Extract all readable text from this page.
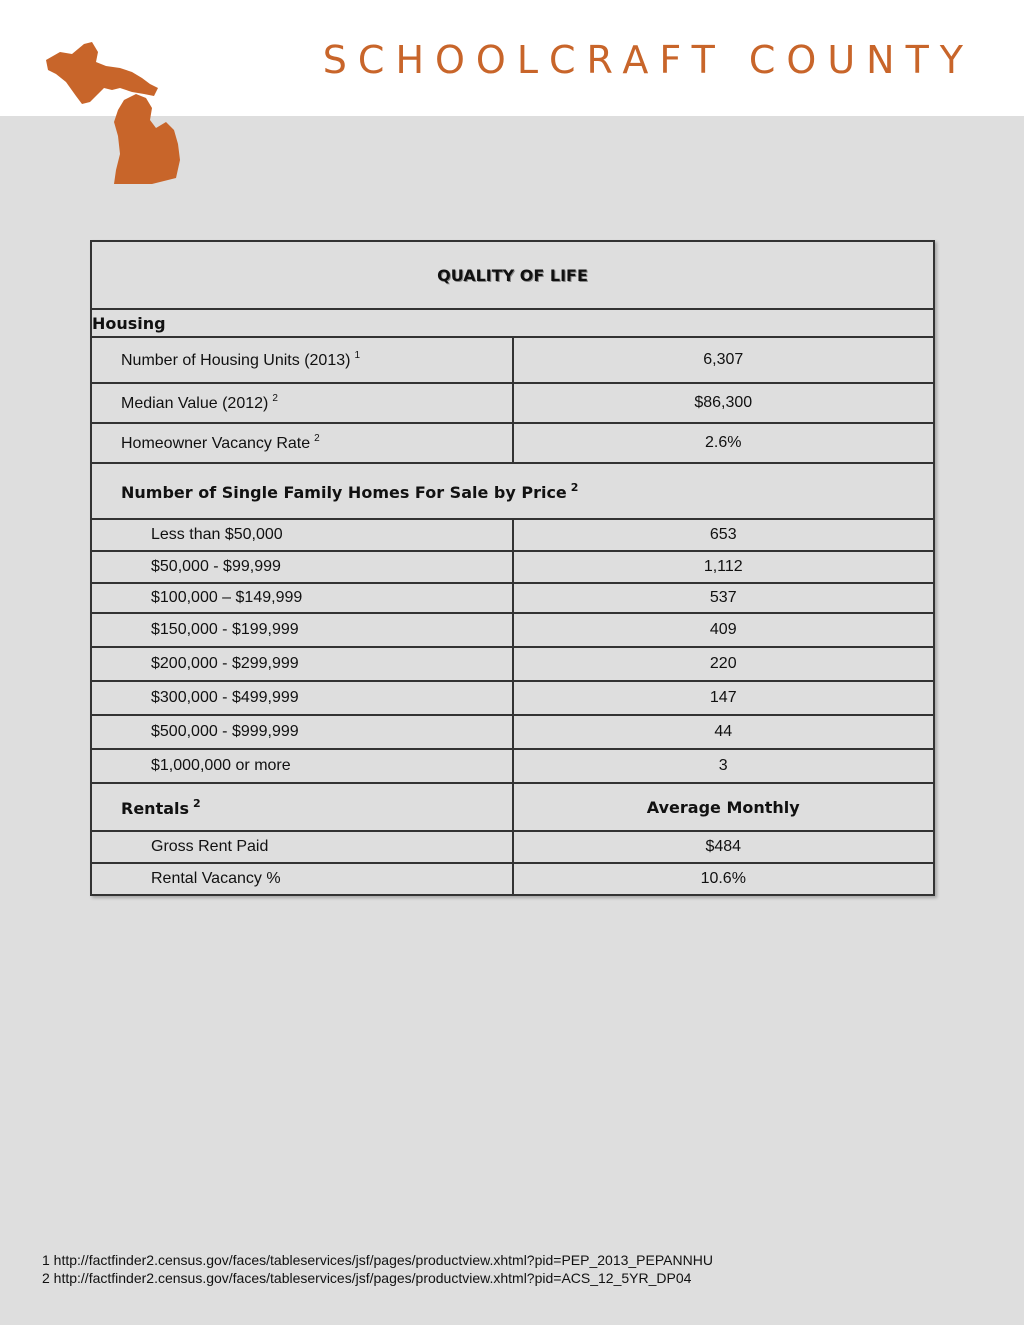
SCHOOLCRAFT COUNTY
QUALITY OF LIFE	
Housing	
Number of Housing Units (2013) $^1$	6,307
Median Value (2012) $^2$	$86,300
Homeowner Vacancy Rate $^2$	2.6%
Number of Single Family Homes For Sale by Price $^2$
Less than $50,000	653
$50,000 - $99,999	1,112
$100,000 – $149,999	537
$150,000 - $199,999	409
$200,000 - $299,999	220
$300,000 - $499,999	147
$500,000 - $999,999	44
$1,000,000 or more	3
Rentals $^2$	Average Monthly
Gross Rent Paid	$484
Rental Vacancy %	10.6%
1 http://factfinder2.census.gov/faces/tableservices/jsf/pages/productview.xhtml?pid=PEP_2013_PEPANNHU
2 http://factfinder2.census.gov/faces/tableservices/jsf/pages/productview.xhtml?pid=ACS_12_5YR_DP04
